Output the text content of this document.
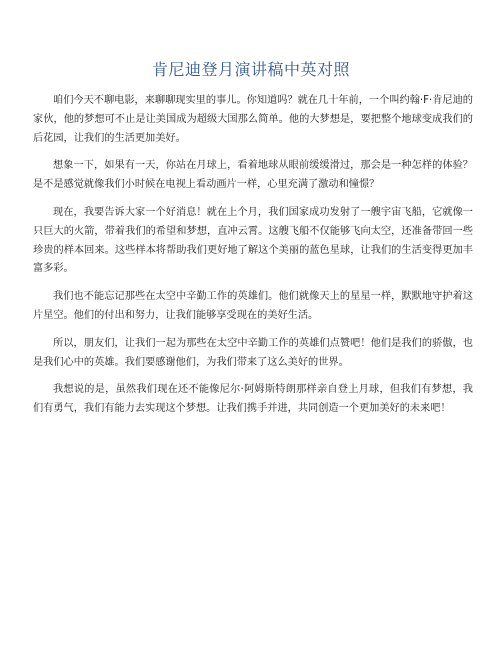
肯尼迪登月演讲稿中英对照

咱们今天不聊电影，来聊聊现实里的事儿。你知道吗？就在几十年前，一个叫约翰·F·肯尼迪的家伙，他的梦想可不止是让美国成为超级大国那么简单。他的大梦想是，要把整个地球变成我们的后花园，让我们的生活更加美好。

想象一下，如果有一天，你站在月球上，看着地球从眼前缓缓滑过，那会是一种怎样的体验？是不是感觉就像我们小时候在电视上看动画片一样，心里充满了激动和憧憬？

现在，我要告诉大家一个好消息！就在上个月，我们国家成功发射了一艘宇宙飞船，它就像一只巨大的火箭，带着我们的希望和梦想，直冲云霄。这艘飞船不仅能够飞向太空，还准备带回一些珍贵的样本回来。这些样本将帮助我们更好地了解这个美丽的蓝色星球，让我们的生活变得更加丰富多彩。

我们也不能忘记那些在太空中辛勤工作的英雄们。他们就像天上的星星一样，默默地守护着这片星空。他们的付出和努力，让我们能够享受现在的美好生活。

所以，朋友们，让我们一起为那些在太空中辛勤工作的英雄们点赞吧！他们是我们的骄傲，也是我们心中的英雄。我们要感谢他们，为我们带来了这么美好的世界。

我想说的是，虽然我们现在还不能像尼尔·阿姆斯特朗那样亲自登上月球，但我们有梦想，我们有勇气，我们有能力去实现这个梦想。让我们携手并进，共同创造一个更加美好的未来吧！
